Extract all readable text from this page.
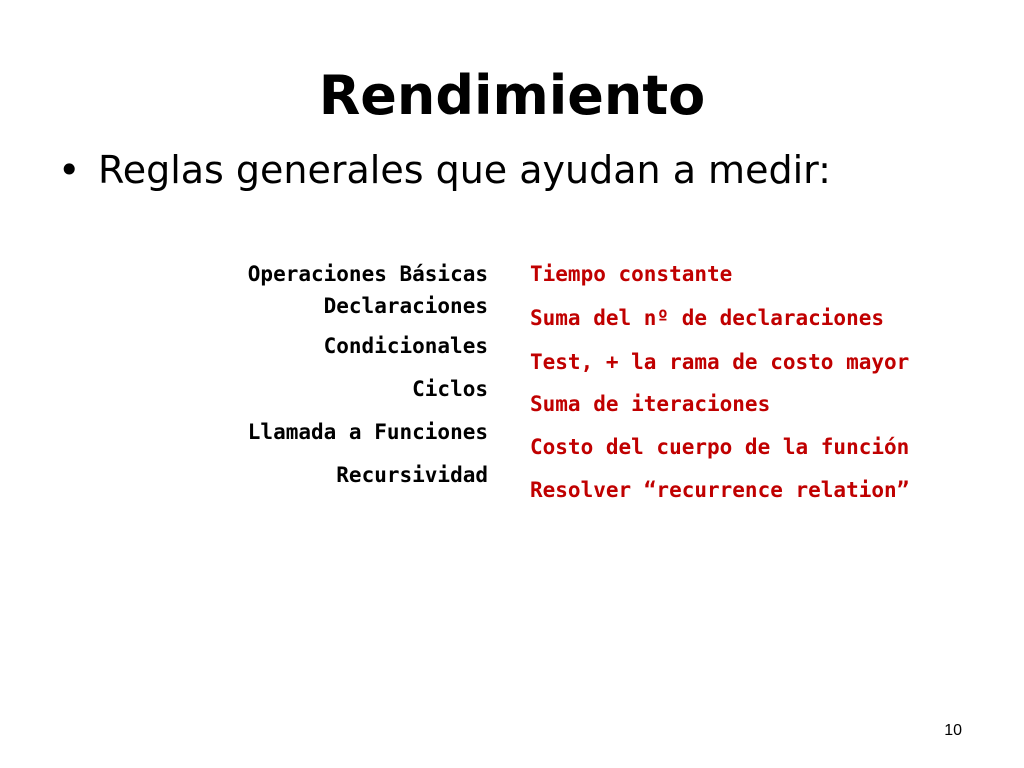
Rendimiento
• Reglas generales que ayudan a medir:
Operaciones Básicas
Declaraciones
Condicionales
Ciclos
Llamada a Funciones
Recursividad
Tiempo constante
Suma del nº de declaraciones
Test, + la rama de costo mayor
Suma de iteraciones
Costo del cuerpo de la función
Resolver “recurrence relation”
10
